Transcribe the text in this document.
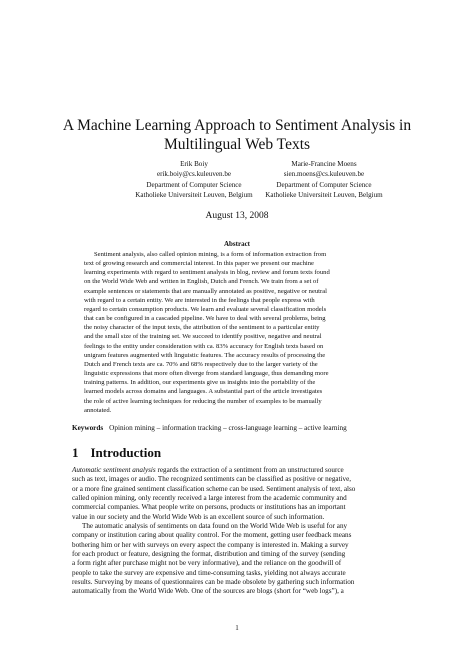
A Machine Learning Approach to Sentiment Analysis in
Multilingual Web Texts
Erik Boiy
erik.boiy@cs.kuleuven.be
Department of Computer Science
Katholieke Universiteit Leuven, Belgium
Marie-Francine Moens
sien.moens@cs.kuleuven.be
Department of Computer Science
Katholieke Universiteit Leuven, Belgium
August 13, 2008
Abstract
Sentiment analysis, also called opinion mining, is a form of information extraction from
text of growing research and commercial interest. In this paper we present our machine
learning experiments with regard to sentiment analysis in blog, review and forum texts found
on the World Wide Web and written in English, Dutch and French. We train from a set of
example sentences or statements that are manually annotated as positive, negative or neutral
with regard to a certain entity. We are interested in the feelings that people express with
regard to certain consumption products. We learn and evaluate several classification models
that can be configured in a cascaded pipeline. We have to deal with several problems, being
the noisy character of the input texts, the attribution of the sentiment to a particular entity
and the small size of the training set. We succeed to identify positive, negative and neutral
feelings to the entity under consideration with ca. 83% accuracy for English texts based on
unigram features augmented with linguistic features. The accuracy results of processing the
Dutch and French texts are ca. 70% and 68% respectively due to the larger variety of the
linguistic expressions that more often diverge from standard language, thus demanding more
training patterns. In addition, our experiments give us insights into the portability of the
learned models across domains and languages. A substantial part of the article investigates
the role of active learning techniques for reducing the number of examples to be manually
annotated.
Keywords Opinion mining – information tracking – cross-language learning – active learning
1 Introduction
Automatic sentiment analysis regards the extraction of a sentiment from an unstructured source
such as text, images or audio. The recognized sentiments can be classified as positive or negative,
or a more fine grained sentiment classification scheme can be used. Sentiment analysis of text, also
called opinion mining, only recently received a large interest from the academic community and
commercial companies. What people write on persons, products or institutions has an important
value in our society and the World Wide Web is an excellent source of such information.
The automatic analysis of sentiments on data found on the World Wide Web is useful for any
company or institution caring about quality control. For the moment, getting user feedback means
bothering him or her with surveys on every aspect the company is interested in. Making a survey
for each product or feature, designing the format, distribution and timing of the survey (sending
a form right after purchase might not be very informative), and the reliance on the goodwill of
people to take the survey are expensive and time-consuming tasks, yielding not always accurate
results. Surveying by means of questionnaires can be made obsolete by gathering such information
automatically from the World Wide Web. One of the sources are blogs (short for “web logs”), a
1
